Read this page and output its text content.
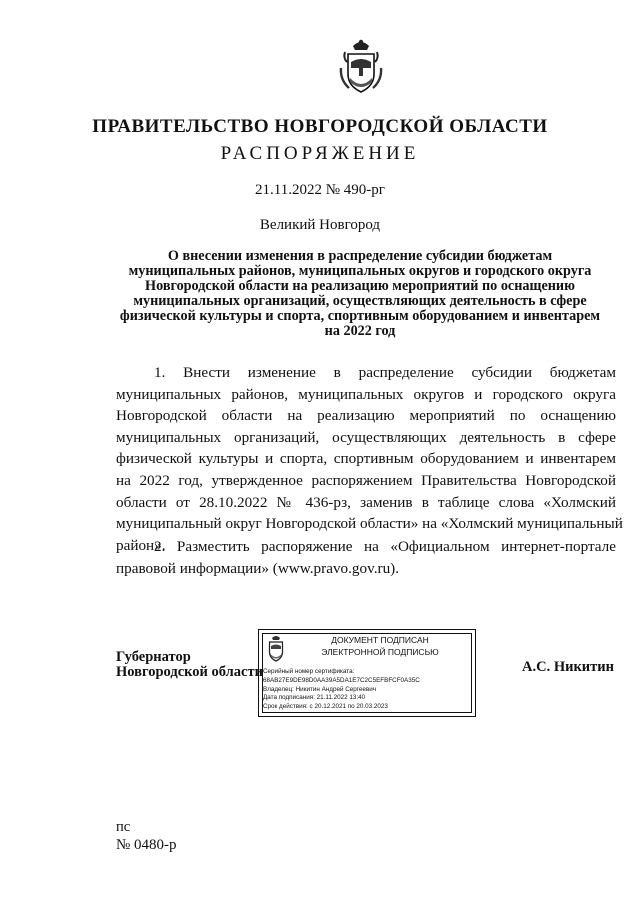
ПРАВИТЕЛЬСТВО НОВГОРОДСКОЙ ОБЛАСТИ
РАСПОРЯЖЕНИЕ
21.11.2022 № 490-рг
Великий Новгород
О внесении изменения в распределение субсидии бюджетам
муниципальных районов, муниципальных округов и городского округа
Новгородской области на реализацию мероприятий по оснащению
муниципальных организаций, осуществляющих деятельность в сфере
физической культуры и спорта, спортивным оборудованием и инвентарем
на 2022 год
1. Внести изменение в распределение субсидии бюджетам
муниципальных районов, муниципальных округов и городского округа
Новгородской области на реализацию мероприятий по оснащению
муниципальных организаций, осуществляющих деятельность в сфере
физической культуры и спорта, спортивным оборудованием и инвентарем
на 2022 год, утвержденное распоряжением Правительства Новгородской
области от 28.10.2022 № 436-рз, заменив в таблице слова «Холмский
муниципальный округ Новгородской области» на «Холмский муниципальный
район».
2. Разместить распоряжение на «Официальном интернет-портале
правовой информации» (www.pravo.gov.ru).
Губернатор
Новгородской области
ДОКУМЕНТ ПОДПИСАН
ЭЛЕКТРОННОЙ ПОДПИСЬЮ
Серийный номер сертификата:
68AB27E9DE98D0AA39A5DA1E7C2C5EFBFCF0A35C
Владелец: Никитин Андрей Сергеевич
Дата подписания: 21.11.2022 13:40
Срок действия: с 20.12.2021 по 20.03.2023
А.С. Никитин
пс
№ 0480-р
